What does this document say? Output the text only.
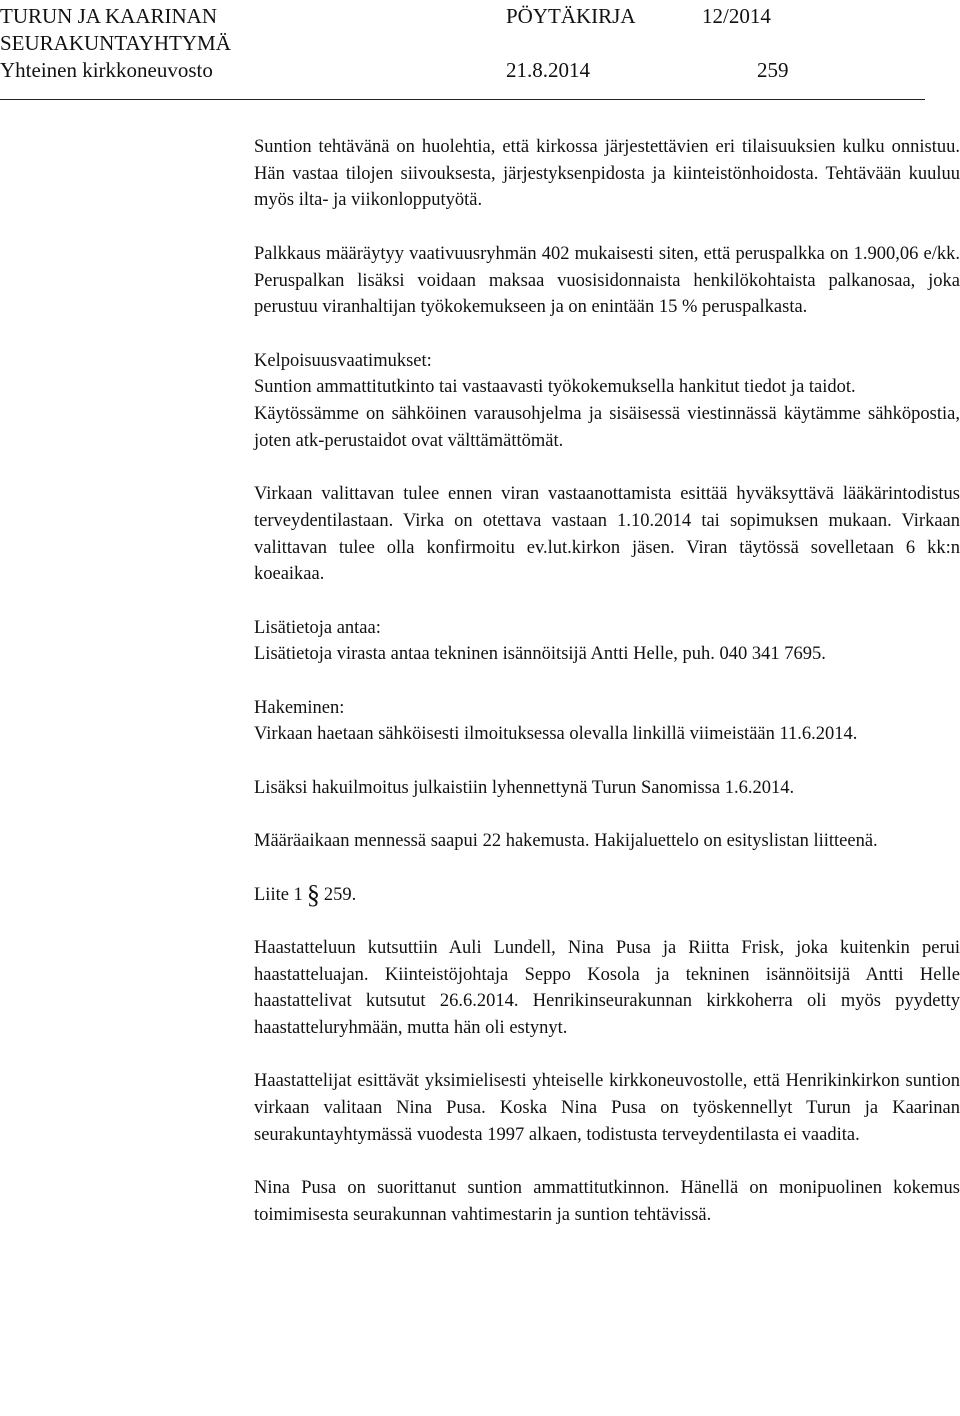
TURUN JA KAARINAN
SEURAKUNTAYHTYMÄ
Yhteinen kirkkoneuvosto
PÖYTÄKIRJA	12/2014
21.8.2014	259

Suntion tehtävänä on huolehtia, että kirkossa järjestettävien eri tilaisuuksien kulku onnistuu. Hän vastaa tilojen siivouksesta, järjestyksenpidosta ja kiinteistönhoidosta. Tehtävään kuuluu myös ilta- ja viikonlopputyötä.

Palkkaus määräytyy vaativuusryhmän 402 mukaisesti siten, että peruspalkka on 1.900,06 e/kk. Peruspalkan lisäksi voidaan maksaa vuosisidonnaista henkilökohtaista palkanosaa, joka perustuu viranhaltijan työkokemukseen ja on enintään 15 % peruspalkasta.

Kelpoisuusvaatimukset:
Suntion ammattitutkinto tai vastaavasti työkokemuksella hankitut tiedot ja taidot.

Käytössämme on sähköinen varausohjelma ja sisäisessä viestinnässä käytämme sähköpostia, joten atk-perustaidot ovat välttämättömät.

Virkaan valittavan tulee ennen viran vastaanottamista esittää hyväksyttävä lääkärintodistus terveydentilastaan. Virka on otettava vastaan 1.10.2014 tai sopimuksen mukaan. Virkaan valittavan tulee olla konfirmoitu ev.lut.kirkon jäsen. Viran täytössä sovelletaan 6 kk:n koeaikaa.

Lisätietoja antaa:
Lisätietoja virasta antaa tekninen isännöitsijä Antti Helle, puh. 040 341 7695.
Hakeminen:
Virkaan haetaan sähköisesti ilmoituksessa olevalla linkillä viimeistään 11.6.2014.

Lisäksi hakuilmoitus julkaistiin lyhennettynä Turun Sanomissa 1.6.2014.

Määräaikaan mennessä saapui 22 hakemusta. Hakijaluettelo on esityslistan liitteenä.

Liite 1 § 259.

Haastatteluun kutsuttiin Auli Lundell, Nina Pusa ja Riitta Frisk, joka kuitenkin perui haastatteluajan. Kiinteistöjohtaja Seppo Kosola ja tekninen isännöitsijä Antti Helle haastattelivat kutsutut 26.6.2014. Henrikinseurakunnan kirkkoherra oli myös pyydetty haastatteluryhmään, mutta hän oli estynyt.

Haastattelijat esittävät yksimielisesti yhteiselle kirkkoneuvostolle, että Henrikinkirkon suntion virkaan valitaan Nina Pusa. Koska Nina Pusa on työskennellyt Turun ja Kaarinan seurakuntayhtymässä vuodesta 1997 alkaen, todistusta terveydentilasta ei vaadita.

Nina Pusa on suorittanut suntion ammattitutkinnon. Hänellä on monipuolinen kokemus toimimisesta seurakunnan vahtimestarin ja suntion tehtävissä.
